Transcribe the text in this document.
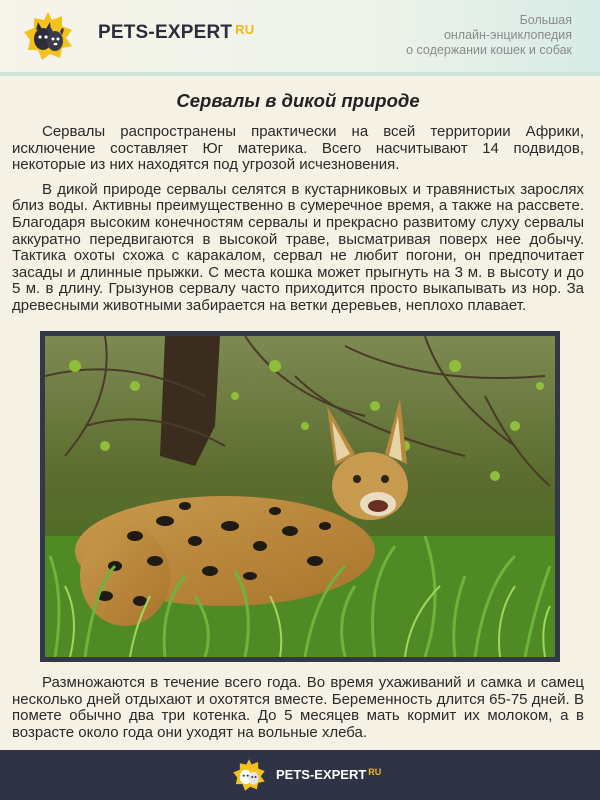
PETS-EXPERT $^{RU}$
Большая
онлайн-энциклопедия
о содержании кошек и собак
Сервалы в дикой природе

Сервалы распространены практически на всей территории Африки, исключение составляет Юг материка. Всего насчитывают 14 подвидов, некоторые из них находятся под угрозой исчезновения.

В дикой природе сервалы селятся в кустарниковых и травянистых зарослях близ воды. Активны преимущественно в сумеречное время, а также на рассвете. Благодаря высоким конечностям сервалы и прекрасно развитому слуху сервалы аккуратно передвигаются в высокой траве, высматривая поверх нее добычу. Тактика охоты схожа с каракалом, сервал не любит погони, он предпочитает засады и длинные прыжки. С места кошка может прыгнуть на 3 м. в высоту и до 5 м. в длину. Грызунов сервалу часто приходится просто выкапывать из нор. За древесными животными забирается на ветки деревьев, неплохо плавает.

Размножаются в течение всего года. Во время ухаживаний и самка и самец несколько дней отдыхают и охотятся вместе. Беременность длится 65-75 дней. В помете обычно два три котенка. До 5 месяцев мать кормит их молоком, а в возрасте около года они уходят на вольные хлеба.

PETS-EXPERT $^{RU}$
